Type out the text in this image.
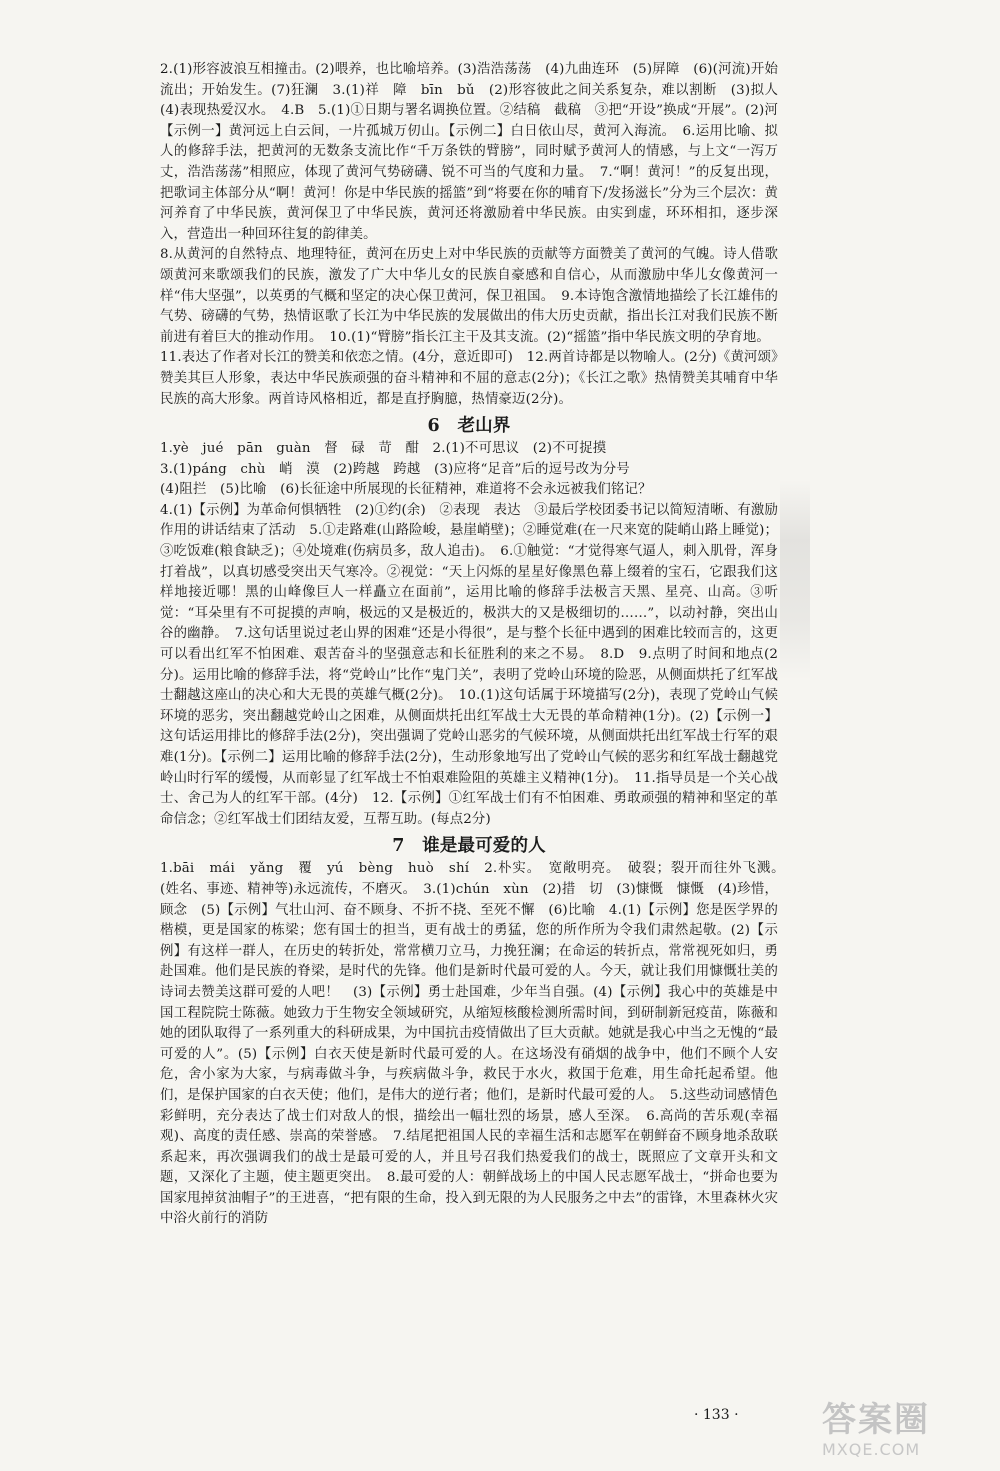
2.(1)形容波浪互相撞击。(2)喂养，也比喻培养。(3)浩浩荡荡　(4)九曲连环　(5)屏障　(6)(河流)开始流出；开始发生。(7)狂澜　3.(1)祥　障　bīn　bǔ　(2)形容彼此之间关系复杂，难以割断　(3)拟人　(4)表现热爱汉水。　4.B　5.(1)①日期与署名调换位置。②结稿　截稿　③把“开设”换成“开展”。(2)河　【示例一】黄河远上白云间，一片孤城万仞山。【示例二】白日依山尽，黄河入海流。　6.运用比喻、拟人的修辞手法，把黄河的无数条支流比作“千万条铁的臂膀”，同时赋予黄河人的情感，与上文“一泻万丈，浩浩荡荡”相照应，体现了黄河气势磅礴、锐不可当的气度和力量。　7.“啊！黄河！”的反复出现，把歌词主体部分从“啊！黄河！你是中华民族的摇篮”到“将要在你的哺育下/发扬滋长”分为三个层次：黄河养育了中华民族，黄河保卫了中华民族，黄河还将激励着中华民族。由实到虚，环环相扣，逐步深入，营造出一种回环往复的韵律美。

8.从黄河的自然特点、地理特征，黄河在历史上对中华民族的贡献等方面赞美了黄河的气魄。诗人借歌颂黄河来歌颂我们的民族，激发了广大中华儿女的民族自豪感和自信心，从而激励中华儿女像黄河一样“伟大坚强”，以英勇的气概和坚定的决心保卫黄河，保卫祖国。　9.本诗饱含激情地描绘了长江雄伟的气势、磅礴的气势，热情讴歌了长江为中华民族的发展做出的伟大历史贡献，指出长江对我们民族不断前进有着巨大的推动作用。　10.(1)“臂膀”指长江主干及其支流。(2)“摇篮”指中华民族文明的孕育地。

11.表达了作者对长江的赞美和依恋之情。(4分，意近即可)　12.两首诗都是以物喻人。(2分)《黄河颂》赞美其巨人形象，表达中华民族顽强的奋斗精神和不屈的意志(2分)；《长江之歌》热情赞美其哺育中华民族的高大形象。两首诗风格相近，都是直抒胸臆，热情豪迈(2分)。

6　老山界

1.yè　jué　pān　guàn　督　碌　苛　酣　2.(1)不可思议　(2)不可捉摸

3.(1)páng　chù　峭　漠　(2)跨越　跨越　(3)应将“足音”后的逗号改为分号

(4)阻拦　(5)比喻　(6)长征途中所展现的长征精神，难道将不会永远被我们铭记？

4.(1)【示例】为革命何惧牺牲　(2)①约(余)　②表现　表达　③最后学校团委书记以简短清晰、有激励作用的讲话结束了活动　5.①走路难(山路险峻，悬崖峭壁)；②睡觉难(在一尺来宽的陡峭山路上睡觉)；③吃饭难(粮食缺乏)；④处境难(伤病员多，敌人追击)。　6.①触觉：“才觉得寒气逼人，刺入肌骨，浑身打着战”，以真切感受突出天气寒冷。②视觉：“天上闪烁的星星好像黑色幕上缀着的宝石，它跟我们这样地接近哪！黑的山峰像巨人一样矗立在面前”，运用比喻的修辞手法极言天黑、星亮、山高。③听觉：“耳朵里有不可捉摸的声响，极远的又是极近的，极洪大的又是极细切的……”，以动衬静，突出山谷的幽静。　7.这句话里说过老山界的困难“还是小得很”，是与整个长征中遇到的困难比较而言的，这更可以看出红军不怕困难、艰苦奋斗的坚强意志和长征胜利的来之不易。　8.D　9.点明了时间和地点(2分)。运用比喻的修辞手法，将“党岭山”比作“鬼门关”，表明了党岭山环境的险恶，从侧面烘托了红军战士翻越这座山的决心和大无畏的英雄气概(2分)。　10.(1)这句话属于环境描写(2分)，表现了党岭山气候环境的恶劣，突出翻越党岭山之困难，从侧面烘托出红军战士大无畏的革命精神(1分)。(2)【示例一】这句话运用排比的修辞手法(2分)，突出强调了党岭山恶劣的气候环境，从侧面烘托出红军战士行军的艰难(1分)。【示例二】运用比喻的修辞手法(2分)，生动形象地写出了党岭山气候的恶劣和红军战士翻越党岭山时行军的缓慢，从而彰显了红军战士不怕艰难险阻的英雄主义精神(1分)。　11.指导员是一个关心战士、舍己为人的红军干部。(4分)　12.【示例】①红军战士们有不怕困难、勇敢顽强的精神和坚定的革命信念；②红军战士们团结友爱，互帮互助。(每点2分)

7　谁是最可爱的人

1.bāi　mái　yǎng　覆　yú　bèng　huò　shí　2.朴实。　宽敞明亮。　破裂；裂开而往外飞溅。　(姓名、事迹、精神等)永远流传，不磨灭。　3.(1)chún　xùn　(2)措　切　(3)慷慨　慷慨　(4)珍惜，顾念　(5)【示例】气壮山河、奋不顾身、不折不挠、至死不懈　(6)比喻　4.(1)【示例】您是医学界的楷模，更是国家的栋梁；您有国士的担当，更有战士的勇猛，您的所作所为令我们肃然起敬。(2)【示例】有这样一群人，在历史的转折处，常常横刀立马，力挽狂澜；在命运的转折点，常常视死如归，勇赴国难。他们是民族的脊梁，是时代的先锋。他们是新时代最可爱的人。今天，就让我们用慷慨壮美的诗词去赞美这群可爱的人吧！　(3)【示例】勇士赴国难，少年当自强。(4)【示例】我心中的英雄是中国工程院院士陈薇。她致力于生物安全领域研究，从缩短核酸检测所需时间，到研制新冠疫苗，陈薇和她的团队取得了一系列重大的科研成果，为中国抗击疫情做出了巨大贡献。她就是我心中当之无愧的“最可爱的人”。(5)【示例】白衣天使是新时代最可爱的人。在这场没有硝烟的战争中，他们不顾个人安危，舍小家为大家，与病毒做斗争，与疾病做斗争，救民于水火，救国于危难，用生命托起希望。他们，是保护国家的白衣天使；他们，是伟大的逆行者；他们，是新时代最可爱的人。　5.这些动词感情色彩鲜明，充分表达了战士们对敌人的恨，描绘出一幅壮烈的场景，感人至深。　6.高尚的苦乐观(幸福观)、高度的责任感、崇高的荣誉感。　7.结尾把祖国人民的幸福生活和志愿军在朝鲜奋不顾身地杀敌联系起来，再次强调我们的战士是最可爱的人，并且号召我们热爱我们的战士，既照应了文章开头和文题，又深化了主题，使主题更突出。　8.最可爱的人：朝鲜战场上的中国人民志愿军战士，“拼命也要为国家甩掉贫油帽子”的王进喜，“把有限的生命，投入到无限的为人民服务之中去”的雷锋，木里森林火灾中浴火前行的消防

· 133 · 答案圈
MXQE.COM
